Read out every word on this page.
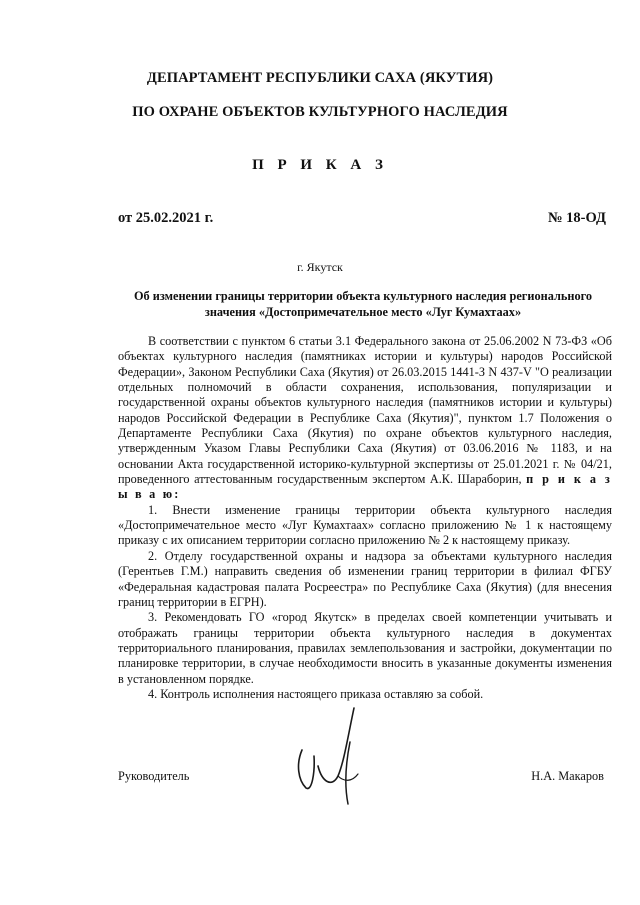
ДЕПАРТАМЕНТ РЕСПУБЛИКИ САХА (ЯКУТИЯ)
ПО ОХРАНЕ ОБЪЕКТОВ КУЛЬТУРНОГО НАСЛЕДИЯ
П Р И К А З
от 25.02.2021 г.	№ 18-ОД
г. Якутск
Об изменении границы территории объекта культурного наследия регионального значения «Достопримечательное место «Луг Кумахтаах»

В соответствии с пунктом 6 статьи 3.1 Федерального закона от 25.06.2002 N 73-ФЗ «Об объектах культурного наследия (памятниках истории и культуры) народов Российской Федерации», Законом Республики Саха (Якутия) от 26.03.2015 1441-З N 437-V "О реализации отдельных полномочий в области сохранения, использования, популяризации и государственной охраны объектов культурного наследия (памятников истории и культуры) народов Российской Федерации в Республике Саха (Якутия)", пунктом 1.7 Положения о Департаменте Республики Саха (Якутия) по охране объектов культурного наследия, утвержденным Указом Главы Республики Саха (Якутия) от 03.06.2016 № 1183, и на основании Акта государственной историко-культурной экспертизы от 25.01.2021 г. № 04/21, проведенного аттестованным государственным экспертом А.К. Шараборин, п р и к а з ы в а ю:

1. Внести изменение границы территории объекта культурного наследия «Достопримечательное место «Луг Кумахтаах» согласно приложению № 1 к настоящему приказу с их описанием территории согласно приложению № 2 к настоящему приказу.

2. Отделу государственной охраны и надзора за объектами культурного наследия (Герентьев Г.М.) направить сведения об изменении границ территории в филиал ФГБУ «Федеральная кадастровая палата Росреестра» по Республике Саха (Якутия) (для внесения границ территории в ЕГРН).

3. Рекомендовать ГО «город Якутск» в пределах своей компетенции учитывать и отображать границы территории объекта культурного наследия в документах территориального планирования, правилах землепользования и застройки, документации по планировке территории, в случае необходимости вносить в указанные документы изменения в установленном порядке.

4. Контроль исполнения настоящего приказа оставляю за собой.

Руководитель	Н.А. Макаров
